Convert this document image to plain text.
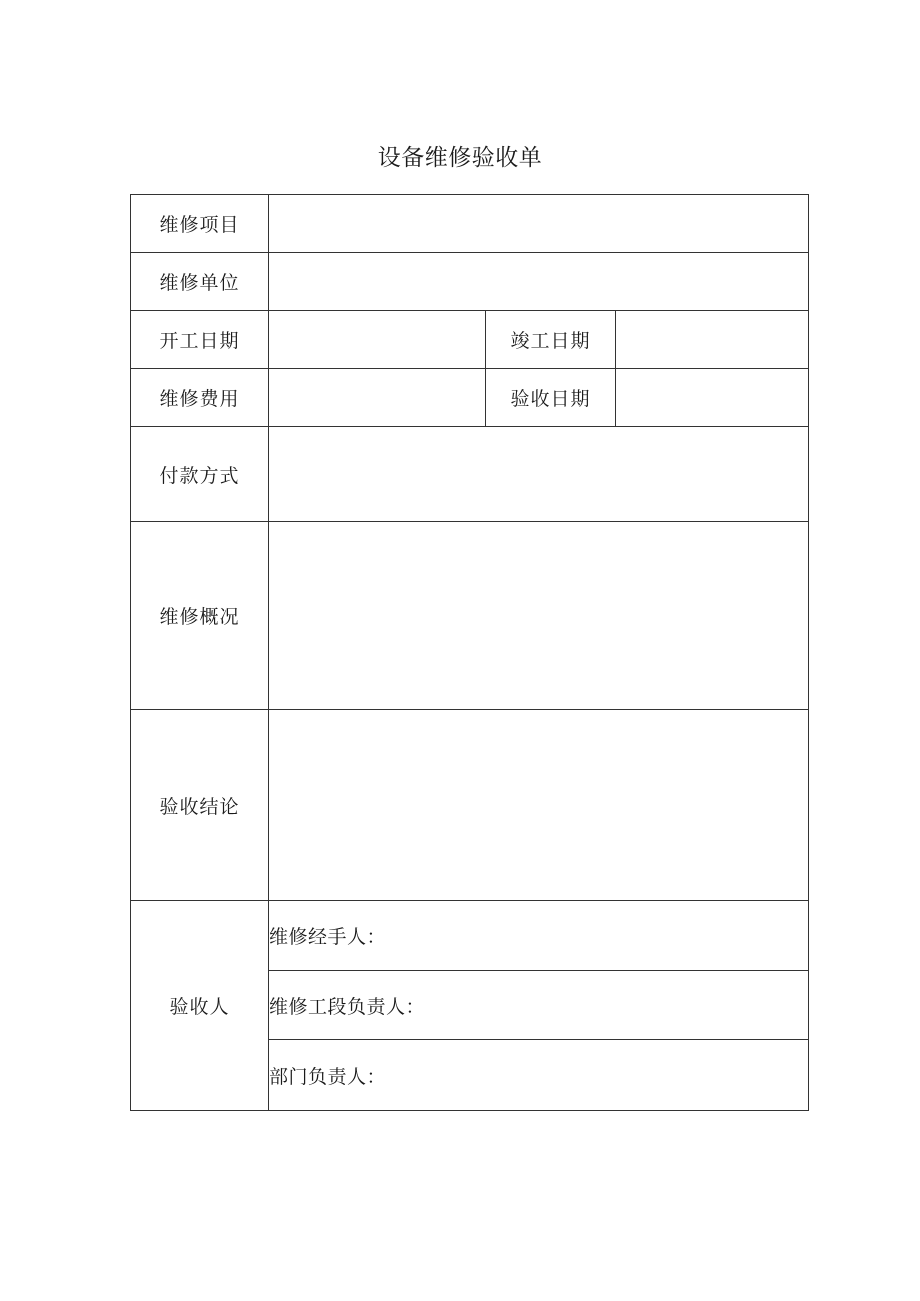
设备维修验收单
维修项目			
维修单位			
开工日期		竣工日期	
维修费用		验收日期	
付款方式			
维修概况			
验收结论			
验收人	维修经手人：		
	维修工段负责人：		
	部门负责人：		
